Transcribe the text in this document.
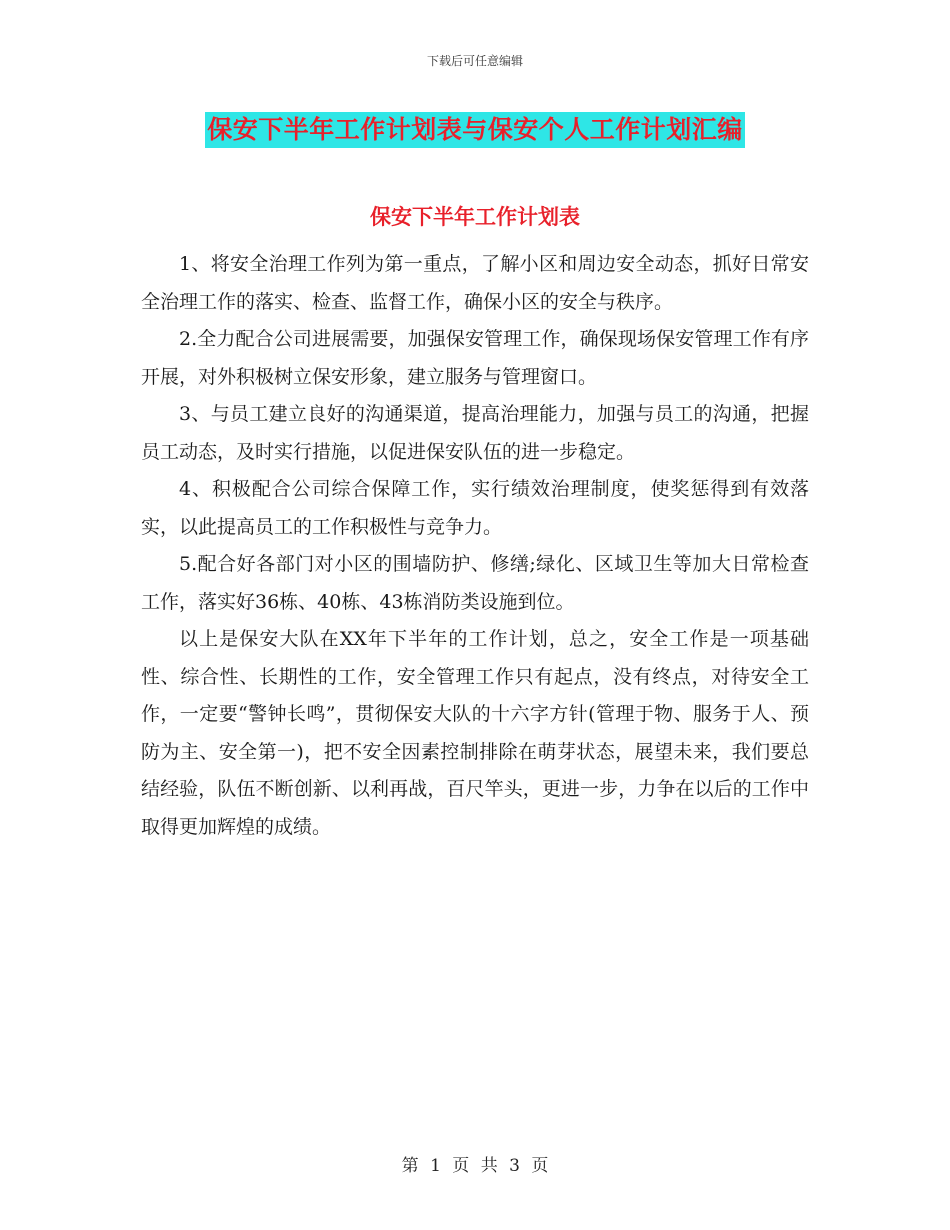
下载后可任意编辑
保安下半年工作计划表与保安个人工作计划汇编
保安下半年工作计划表

1、将安全治理工作列为第一重点，了解小区和周边安全动态，抓好日常安全治理工作的落实、检查、监督工作，确保小区的安全与秩序。

2.全力配合公司进展需要，加强保安管理工作，确保现场保安管理工作有序开展，对外积极树立保安形象，建立服务与管理窗口。

3、与员工建立良好的沟通渠道，提高治理能力，加强与员工的沟通，把握员工动态，及时实行措施，以促进保安队伍的进一步稳定。

4、积极配合公司综合保障工作，实行绩效治理制度，使奖惩得到有效落实，以此提高员工的工作积极性与竞争力。

5.配合好各部门对小区的围墙防护、修缮;绿化、区域卫生等加大日常检查工作，落实好36栋、40栋、43栋消防类设施到位。

以上是保安大队在XX年下半年的工作计划，总之，安全工作是一项基础性、综合性、长期性的工作，安全管理工作只有起点，没有终点，对待安全工作，一定要“警钟长鸣”，贯彻保安大队的十六字方针(管理于物、服务于人、预防为主、安全第一)，把不安全因素控制排除在萌芽状态，展望未来，我们要总结经验，队伍不断创新、以利再战，百尺竿头，更进一步，力争在以后的工作中取得更加辉煌的成绩。

第 1 页 共 3 页
